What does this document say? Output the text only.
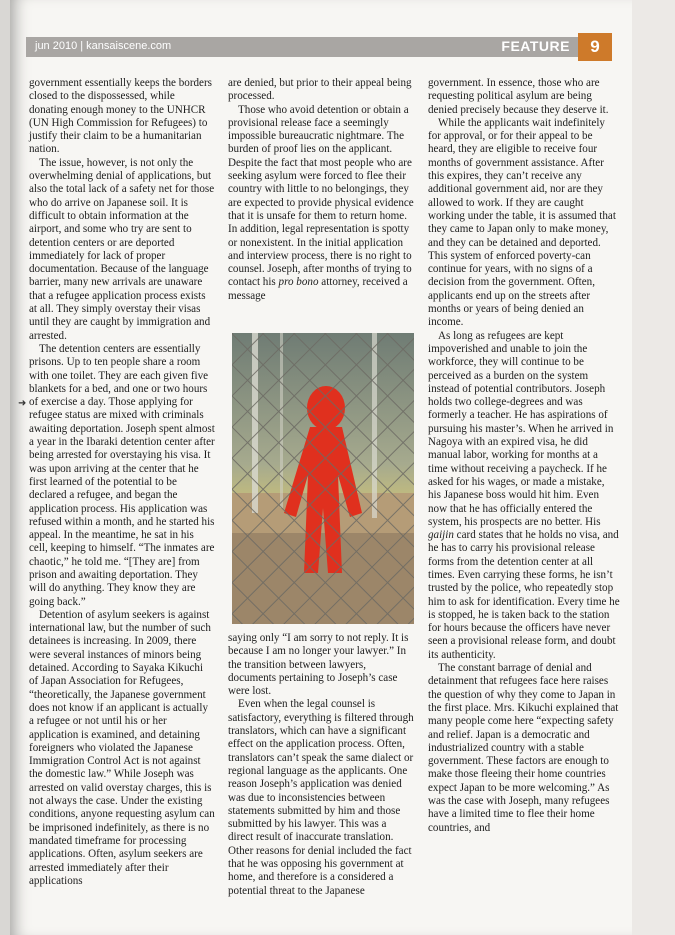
jun 2010 | kansaiscene.com	FEATURE	9
➜

government essentially keeps the borders closed to the dispossessed, while donating enough money to the UNHCR (UN High Commission for Refugees) to justify their claim to be a humanitarian nation.

The issue, however, is not only the overwhelming denial of applications, but also the total lack of a safety net for those who do arrive on Japanese soil. It is difficult to obtain information at the airport, and some who try are sent to detention centers or are deported immediately for lack of proper documentation. Because of the language barrier, many new arrivals are unaware that a refugee application process exists at all. They simply overstay their visas until they are caught by immigration and arrested.

The detention centers are essentially prisons. Up to ten people share a room with one toilet. They are each given five blankets for a bed, and one or two hours of exercise a day. Those applying for refugee status are mixed with criminals awaiting deportation. Joseph spent almost a year in the Ibaraki detention center after being arrested for overstaying his visa. It was upon arriving at the center that he first learned of the potential to be declared a refugee, and began the application process. His application was refused within a month, and he started his appeal. In the meantime, he sat in his cell, keeping to himself. “The inmates are chaotic,” he told me. “[They are] from prison and awaiting deportation. They will do anything. They know they are going back.”

Detention of asylum seekers is against international law, but the number of such detainees is increasing. In 2009, there were several instances of minors being detained. According to Sayaka Kikuchi of Japan Association for Refugees, “theoretically, the Japanese government does not know if an applicant is actually a refugee or not until his or her application is examined, and detaining foreigners who violated the Japanese Immigration Control Act is not against the domestic law.” While Joseph was arrested on valid overstay charges, this is not always the case. Under the existing conditions, anyone requesting asylum can be imprisoned indefinitely, as there is no mandated timeframe for processing applications. Often, asylum seekers are arrested immediately after their applications

are denied, but prior to their appeal being processed.

Those who avoid detention or obtain a provisional release face a seemingly impossible bureaucratic nightmare. The burden of proof lies on the applicant. Despite the fact that most people who are seeking asylum were forced to flee their country with little to no belongings, they are expected to provide physical evidence that it is unsafe for them to return home. In addition, legal representation is spotty or nonexistent. In the initial application and interview process, there is no right to counsel. Joseph, after months of trying to contact his pro bono attorney, received a message

saying only “I am sorry to not reply. It is because I am no longer your lawyer.” In the transition between lawyers, documents pertaining to Joseph’s case were lost.

Even when the legal counsel is satisfactory, everything is filtered through translators, which can have a significant effect on the application process. Often, translators can’t speak the same dialect or regional language as the applicants. One reason Joseph’s application was denied was due to inconsistencies between statements submitted by him and those submitted by his lawyer. This was a direct result of inaccurate translation. Other reasons for denial included the fact that he was opposing his government at home, and therefore is a considered a potential threat to the Japanese

government. In essence, those who are requesting political asylum are being denied precisely because they deserve it.

While the applicants wait indefinitely for approval, or for their appeal to be heard, they are eligible to receive four months of government assistance. After this expires, they can’t receive any additional government aid, nor are they allowed to work. If they are caught working under the table, it is assumed that they came to Japan only to make money, and they can be detained and deported. This system of enforced poverty-can continue for years, with no signs of a decision from the government. Often, applicants end up on the streets after months or years of being denied an income.

As long as refugees are kept impoverished and unable to join the workforce, they will continue to be perceived as a burden on the system instead of potential contributors. Joseph holds two college-degrees and was formerly a teacher. He has aspirations of pursuing his master’s. When he arrived in Nagoya with an expired visa, he did manual labor, working for months at a time without receiving a paycheck. If he asked for his wages, or made a mistake, his Japanese boss would hit him. Even now that he has officially entered the system, his prospects are no better. His gaijin card states that he holds no visa, and he has to carry his provisional release forms from the detention center at all times. Even carrying these forms, he isn’t trusted by the police, who repeatedly stop him to ask for identification. Every time he is stopped, he is taken back to the station for hours because the officers have never seen a provisional release form, and doubt its authenticity.

The constant barrage of denial and detainment that refugees face here raises the question of why they come to Japan in the first place. Mrs. Kikuchi explained that many people come here “expecting safety and relief. Japan is a democratic and industrialized country with a stable government. These factors are enough to make those fleeing their home countries expect Japan to be more welcoming.” As was the case with Joseph, many refugees have a limited time to flee their home countries, and
